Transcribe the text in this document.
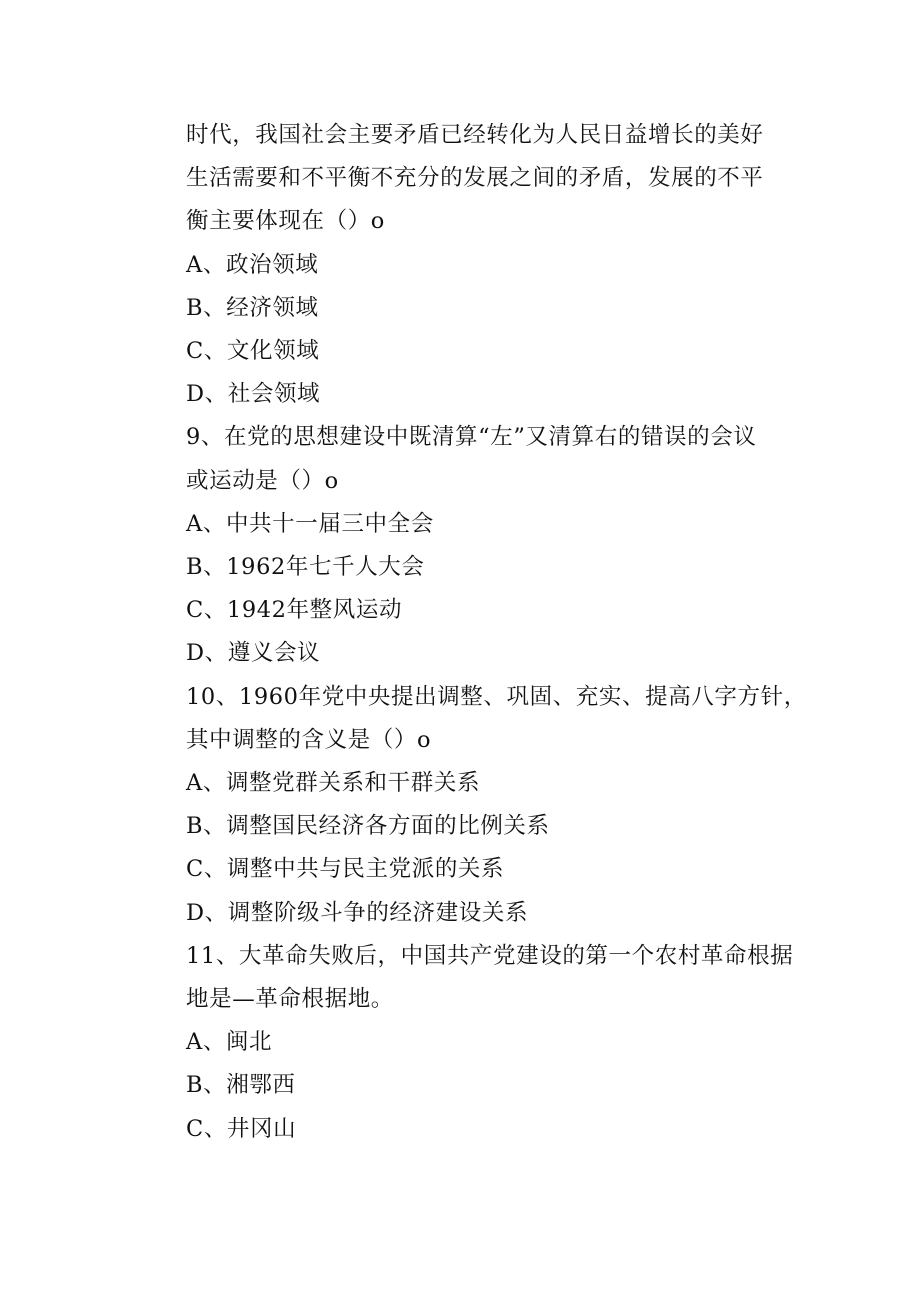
时代，我国社会主要矛盾已经转化为人民日益增长的美好
生活需要和不平衡不充分的发展之间的矛盾，发展的不平
衡主要体现在（）o
A、政治领域
B、经济领域
C、文化领域
D、社会领域
9、在党的思想建设中既清算“左”又清算右的错误的会议
或运动是（）o
A、中共十一届三中全会
B、1962年七千人大会
C、1942年整风运动
D、遵义会议
10、1960年党中央提出调整、巩固、充实、提高八字方针，
其中调整的含义是（）o
A、调整党群关系和干群关系
B、调整国民经济各方面的比例关系
C、调整中共与民主党派的关系
D、调整阶级斗争的经济建设关系
11、大革命失败后，中国共产党建设的第一个农村革命根据
地是—革命根据地。
A、闽北
B、湘鄂西
C、井冈山
